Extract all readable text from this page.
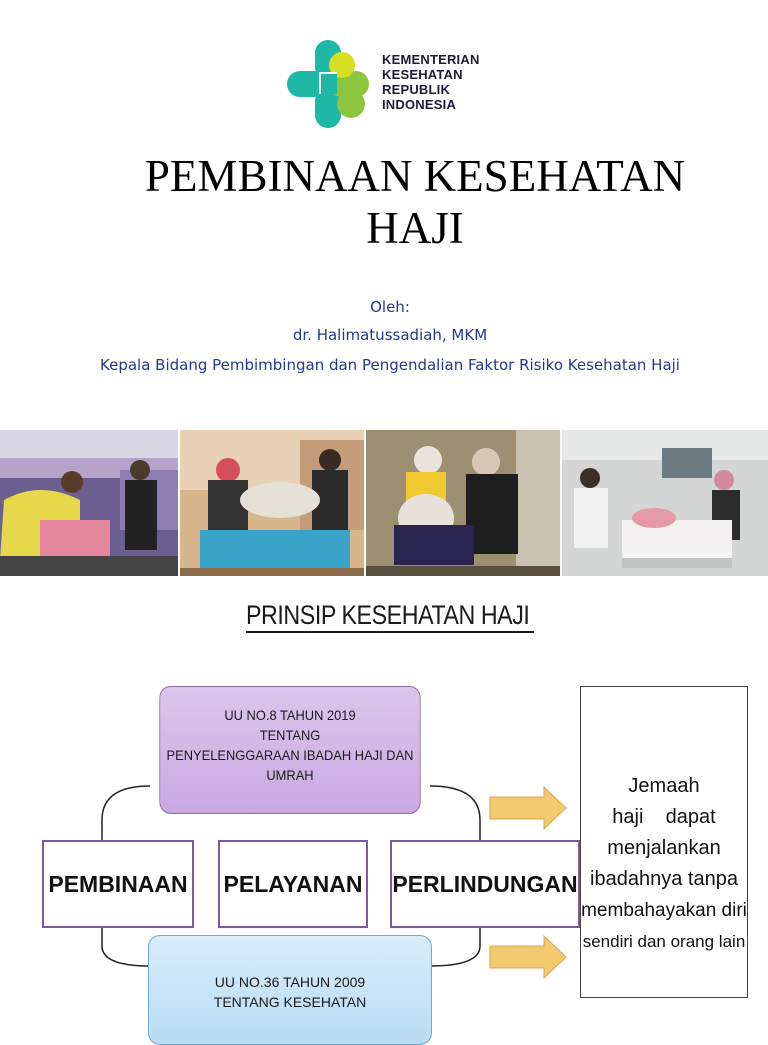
KEMENTERIAN
KESEHATAN
REPUBLIK
INDONESIA
PEMBINAAN KESEHATAN
HAJI
Oleh:
dr. Halimatussadiah, MKM
Kepala Bidang Pembimbingan dan Pengendalian Faktor Risiko Kesehatan Haji
PRINSIP KESEHATAN HAJI
UU NO.8 TAHUN 2019
TENTANG
PENYELENGGARAAN IBADAH HAJI DAN
UMRAH
PEMBINAAN PELAYANAN PERLINDUNGAN
UU NO.36 TAHUN 2009
TENTANG KESEHATAN
Jemaah
haji    dapat
menjalankan
ibadahnya tanpa
membahayakan diri
sendiri dan orang lain
